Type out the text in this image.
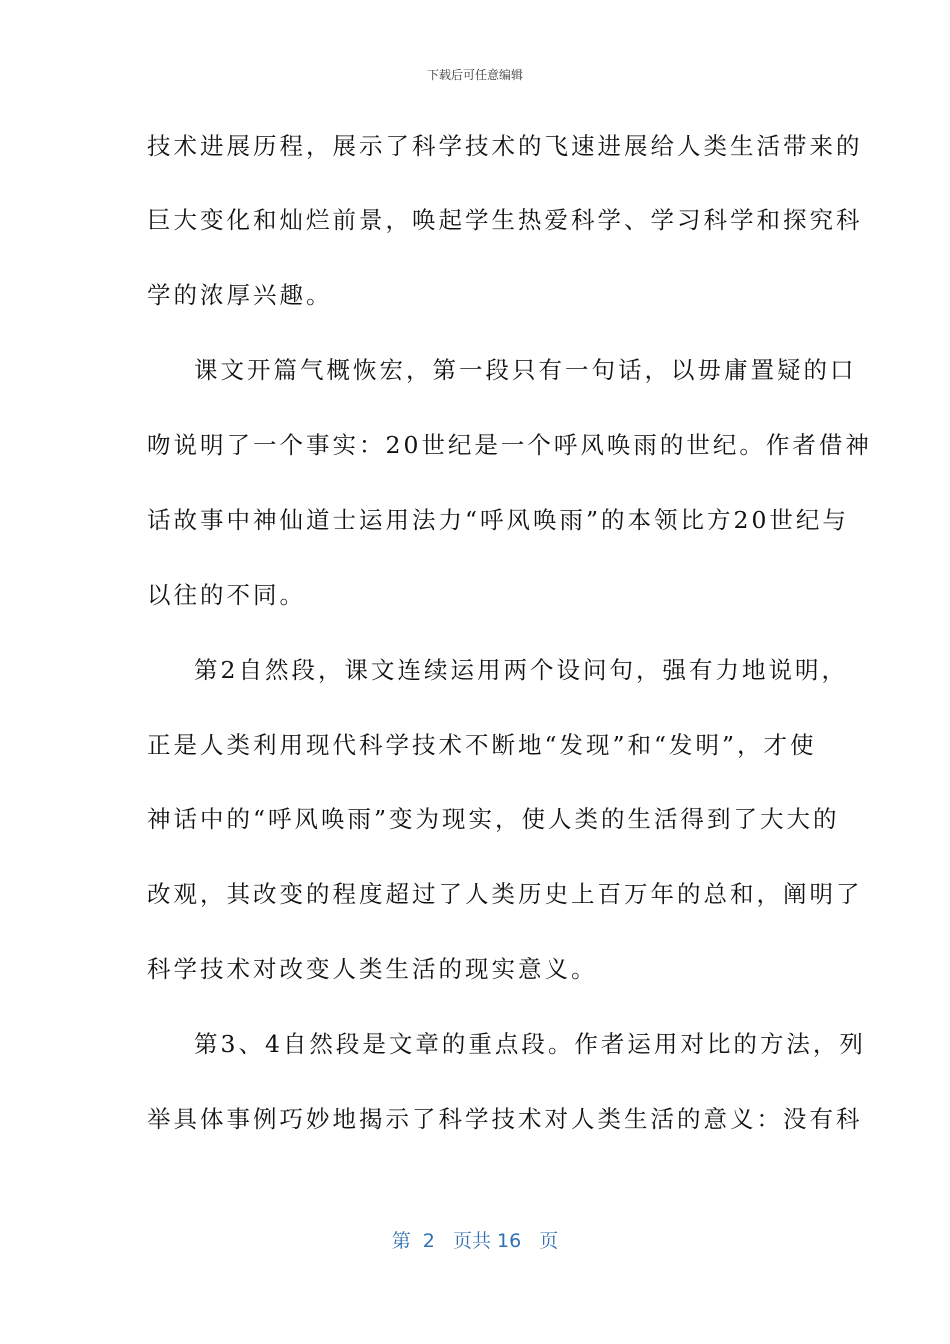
下载后可任意编辑
技术进展历程，展示了科学技术的飞速进展给人类生活带来的
巨大变化和灿烂前景，唤起学生热爱科学、学习科学和探究科
学的浓厚兴趣。
课文开篇气概恢宏，第一段只有一句话，以毋庸置疑的口
吻说明了一个事实：20世纪是一个呼风唤雨的世纪。作者借神
话故事中神仙道士运用法力“呼风唤雨”的本领比方20世纪与
以往的不同。
第2自然段，课文连续运用两个设问句，强有力地说明，
正是人类利用现代科学技术不断地“发现”和“发明”，才使
神话中的“呼风唤雨”变为现实，使人类的生活得到了大大的
改观，其改变的程度超过了人类历史上百万年的总和，阐明了
科学技术对改变人类生活的现实意义。
第3、4自然段是文章的重点段。作者运用对比的方法，列
举具体事例巧妙地揭示了科学技术对人类生活的意义：没有科
第  2   页共 16   页
